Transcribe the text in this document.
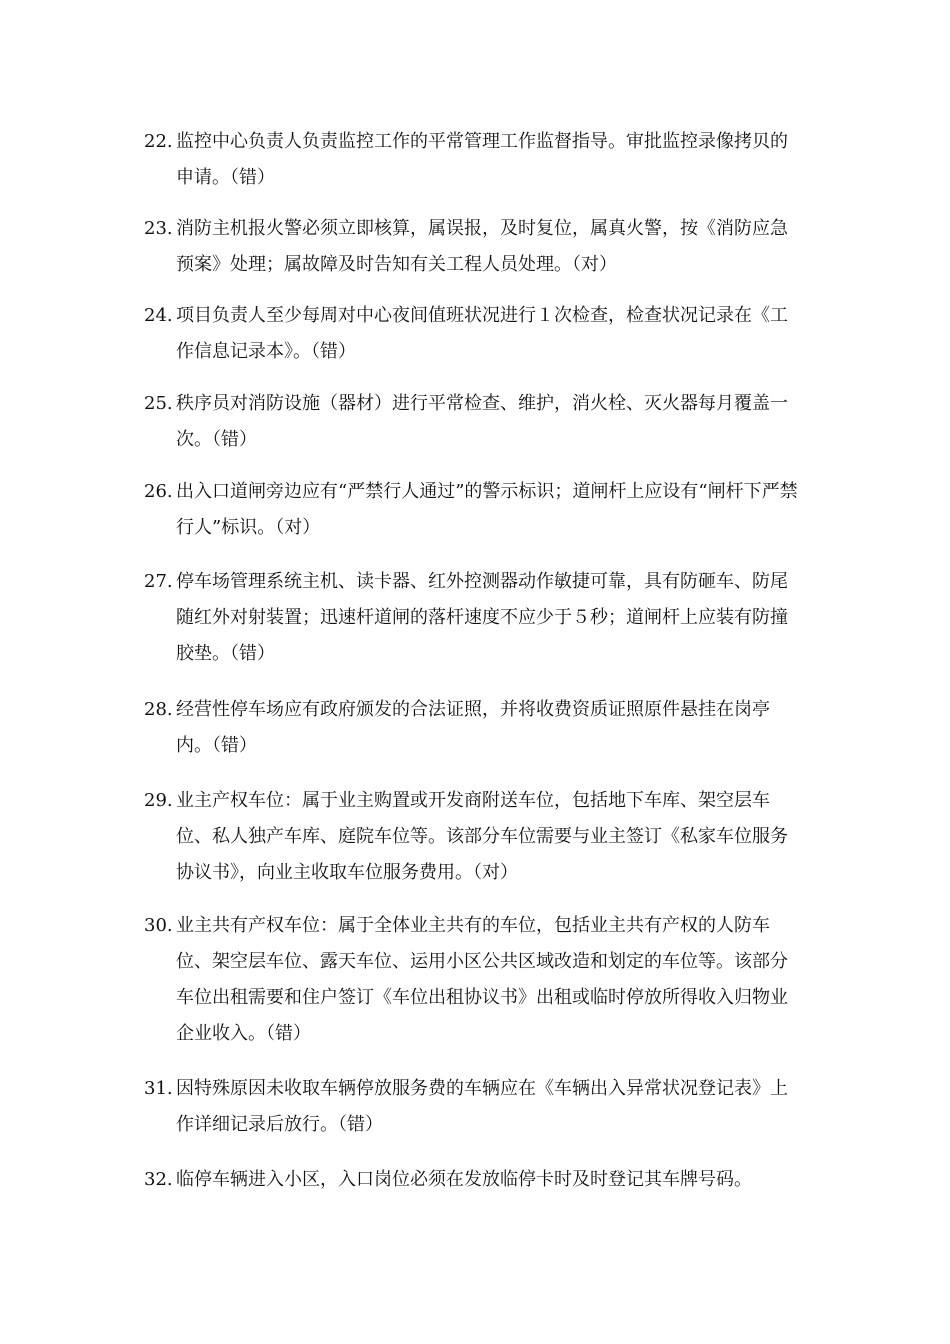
22. 监控中心负责人负责监控工作的平常管理工作监督指导。审批监控录像拷贝的申请。（错）
23. 消防主机报火警必须立即核算，属误报，及时复位，属真火警，按《消防应急预案》处理；属故障及时告知有关工程人员处理。（对）
24. 项目负责人至少每周对中心夜间值班状况进行１次检查，检查状况记录在《工作信息记录本》。（错）
25. 秩序员对消防设施（器材）进行平常检查、维护，消火栓、灭火器每月覆盖一次。（错）
26. 出入口道闸旁边应有“严禁行人通过”的警示标识；道闸杆上应设有“闸杆下严禁行人”标识。（对）
27. 停车场管理系统主机、读卡器、红外控测器动作敏捷可靠，具有防砸车、防尾随红外对射装置；迅速杆道闸的落杆速度不应少于５秒；道闸杆上应装有防撞胶垫。（错）
28. 经营性停车场应有政府颁发的合法证照，并将收费资质证照原件悬挂在岗亭内。（错）
29. 业主产权车位：属于业主购置或开发商附送车位，包括地下车库、架空层车位、私人独产车库、庭院车位等。该部分车位需要与业主签订《私家车位服务协议书》，向业主收取车位服务费用。（对）
30. 业主共有产权车位：属于全体业主共有的车位，包括业主共有产权的人防车位、架空层车位、露天车位、运用小区公共区域改造和划定的车位等。该部分车位出租需要和住户签订《车位出租协议书》出租或临时停放所得收入归物业企业收入。（错）
31. 因特殊原因未收取车辆停放服务费的车辆应在《车辆出入异常状况登记表》上作详细记录后放行。（错）
32. 临停车辆进入小区，入口岗位必须在发放临停卡时及时登记其车牌号码。
